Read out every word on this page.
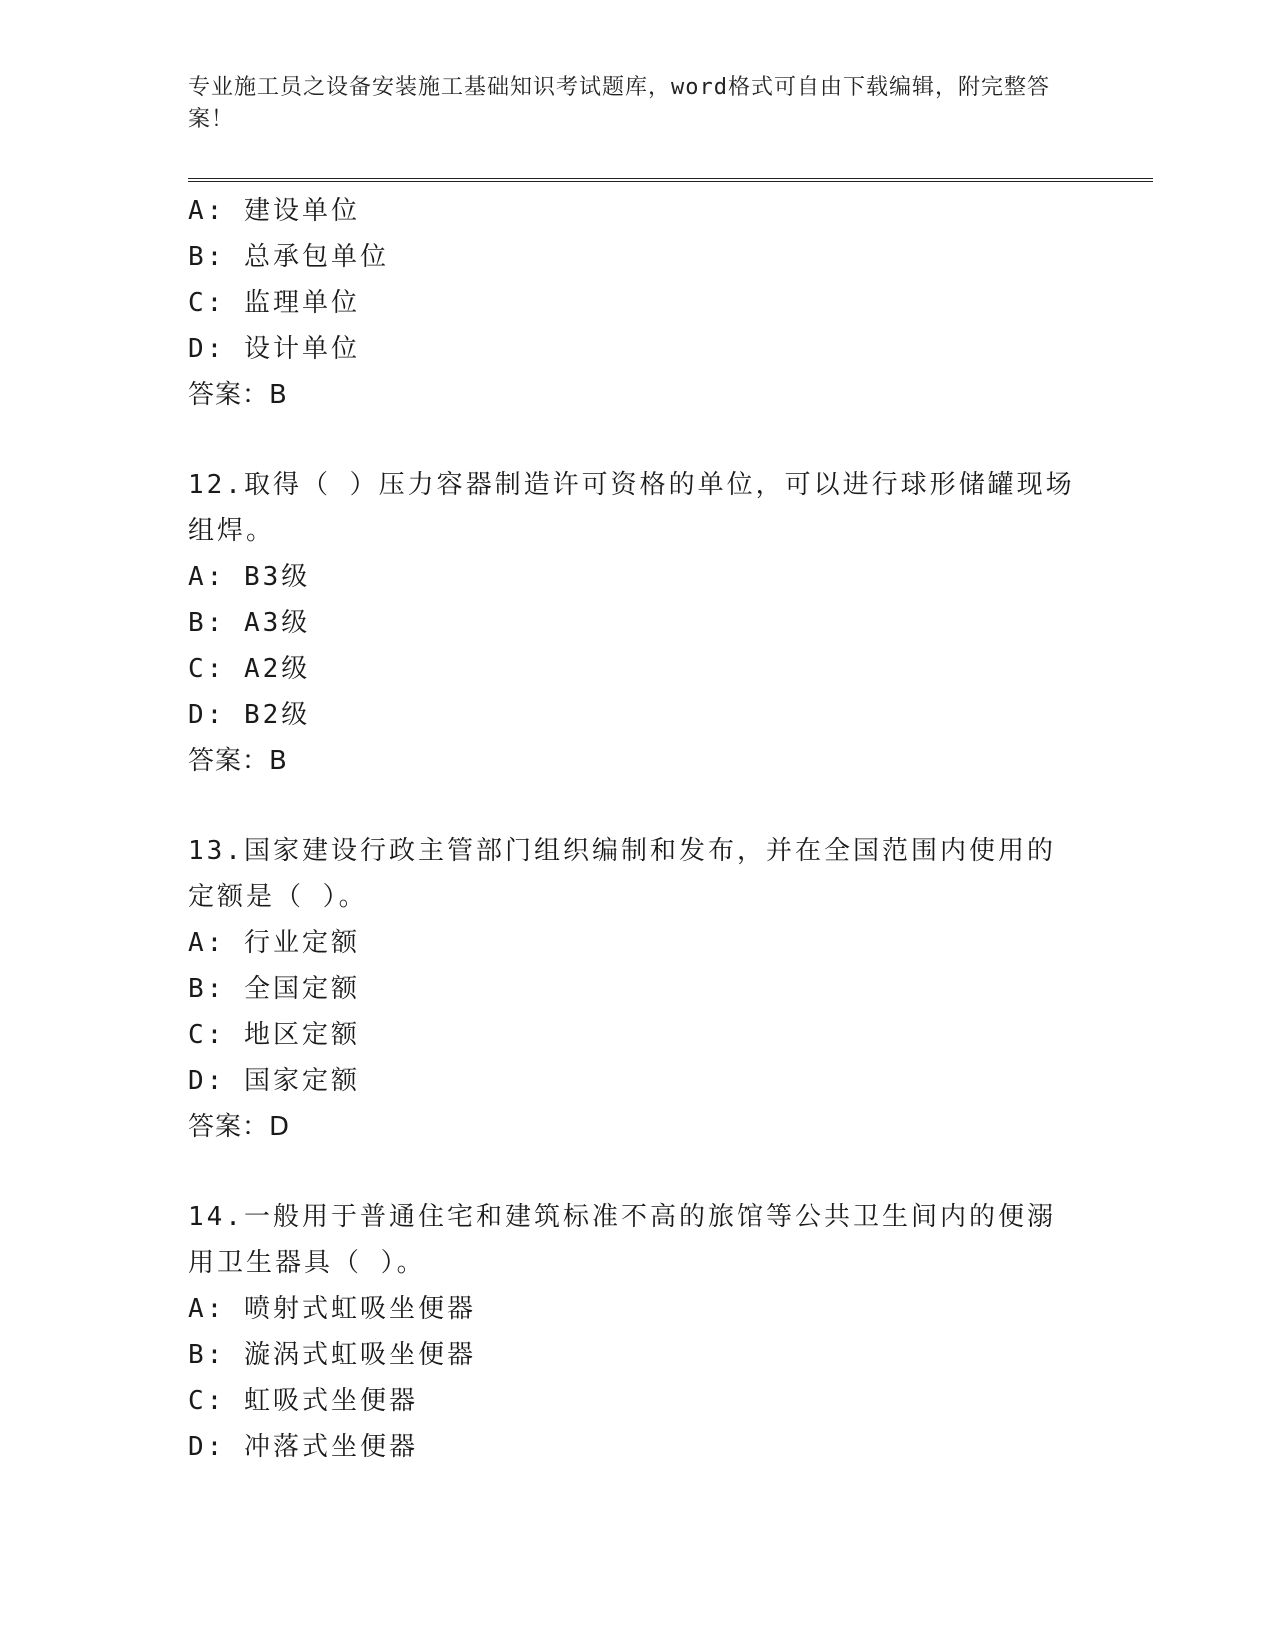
专业施工员之设备安装施工基础知识考试题库，word格式可自由下载编辑，附完整答案！
A: 建设单位
B: 总承包单位
C: 监理单位
D: 设计单位
答案：B
12.取得（ ）压力容器制造许可资格的单位，可以进行球形储罐现场组焊。
A: B3级
B: A3级
C: A2级
D: B2级
答案：B
13.国家建设行政主管部门组织编制和发布，并在全国范围内使用的定额是（ ）。
A: 行业定额
B: 全国定额
C: 地区定额
D: 国家定额
答案：D
14.一般用于普通住宅和建筑标准不高的旅馆等公共卫生间内的便溺用卫生器具（ ）。
A: 喷射式虹吸坐便器
B: 漩涡式虹吸坐便器
C: 虹吸式坐便器
D: 冲落式坐便器
